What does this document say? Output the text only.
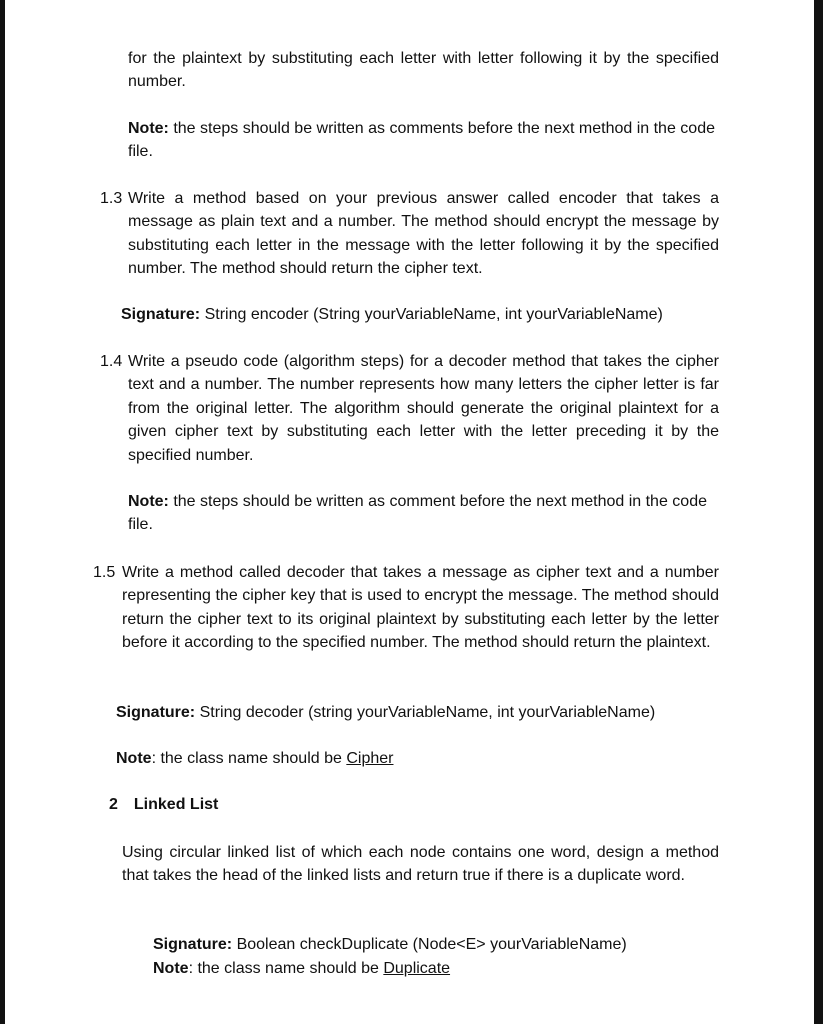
for the plaintext by substituting each letter with letter following it by the specified number.

Note: the steps should be written as comments before the next method in the code file.

1.3 Write a method based on your previous answer called encoder that takes a message as plain text and a number. The method should encrypt the message by substituting each letter in the message with the letter following it by the specified number. The method should return the cipher text.

Signature: String encoder (String yourVariableName, int yourVariableName)

1.4 Write a pseudo code (algorithm steps) for a decoder method that takes the cipher text and a number. The number represents how many letters the cipher letter is far from the original letter. The algorithm should generate the original plaintext for a given cipher text by substituting each letter with the letter preceding it by the specified number.

Note: the steps should be written as comment before the next method in the code file.

1.5 Write a method called decoder that takes a message as cipher text and a number representing the cipher key that is used to encrypt the message. The method should return the cipher text to its original plaintext by substituting each letter by the letter before it according to the specified number. The method should return the plaintext.

Signature: String decoder (string yourVariableName, int yourVariableName)

Note: the class name should be Cipher

2 Linked List

Using circular linked list of which each node contains one word, design a method that takes the head of the linked lists and return true if there is a duplicate word.

Signature: Boolean checkDuplicate (Node<E> yourVariableName)

Note: the class name should be Duplicate
